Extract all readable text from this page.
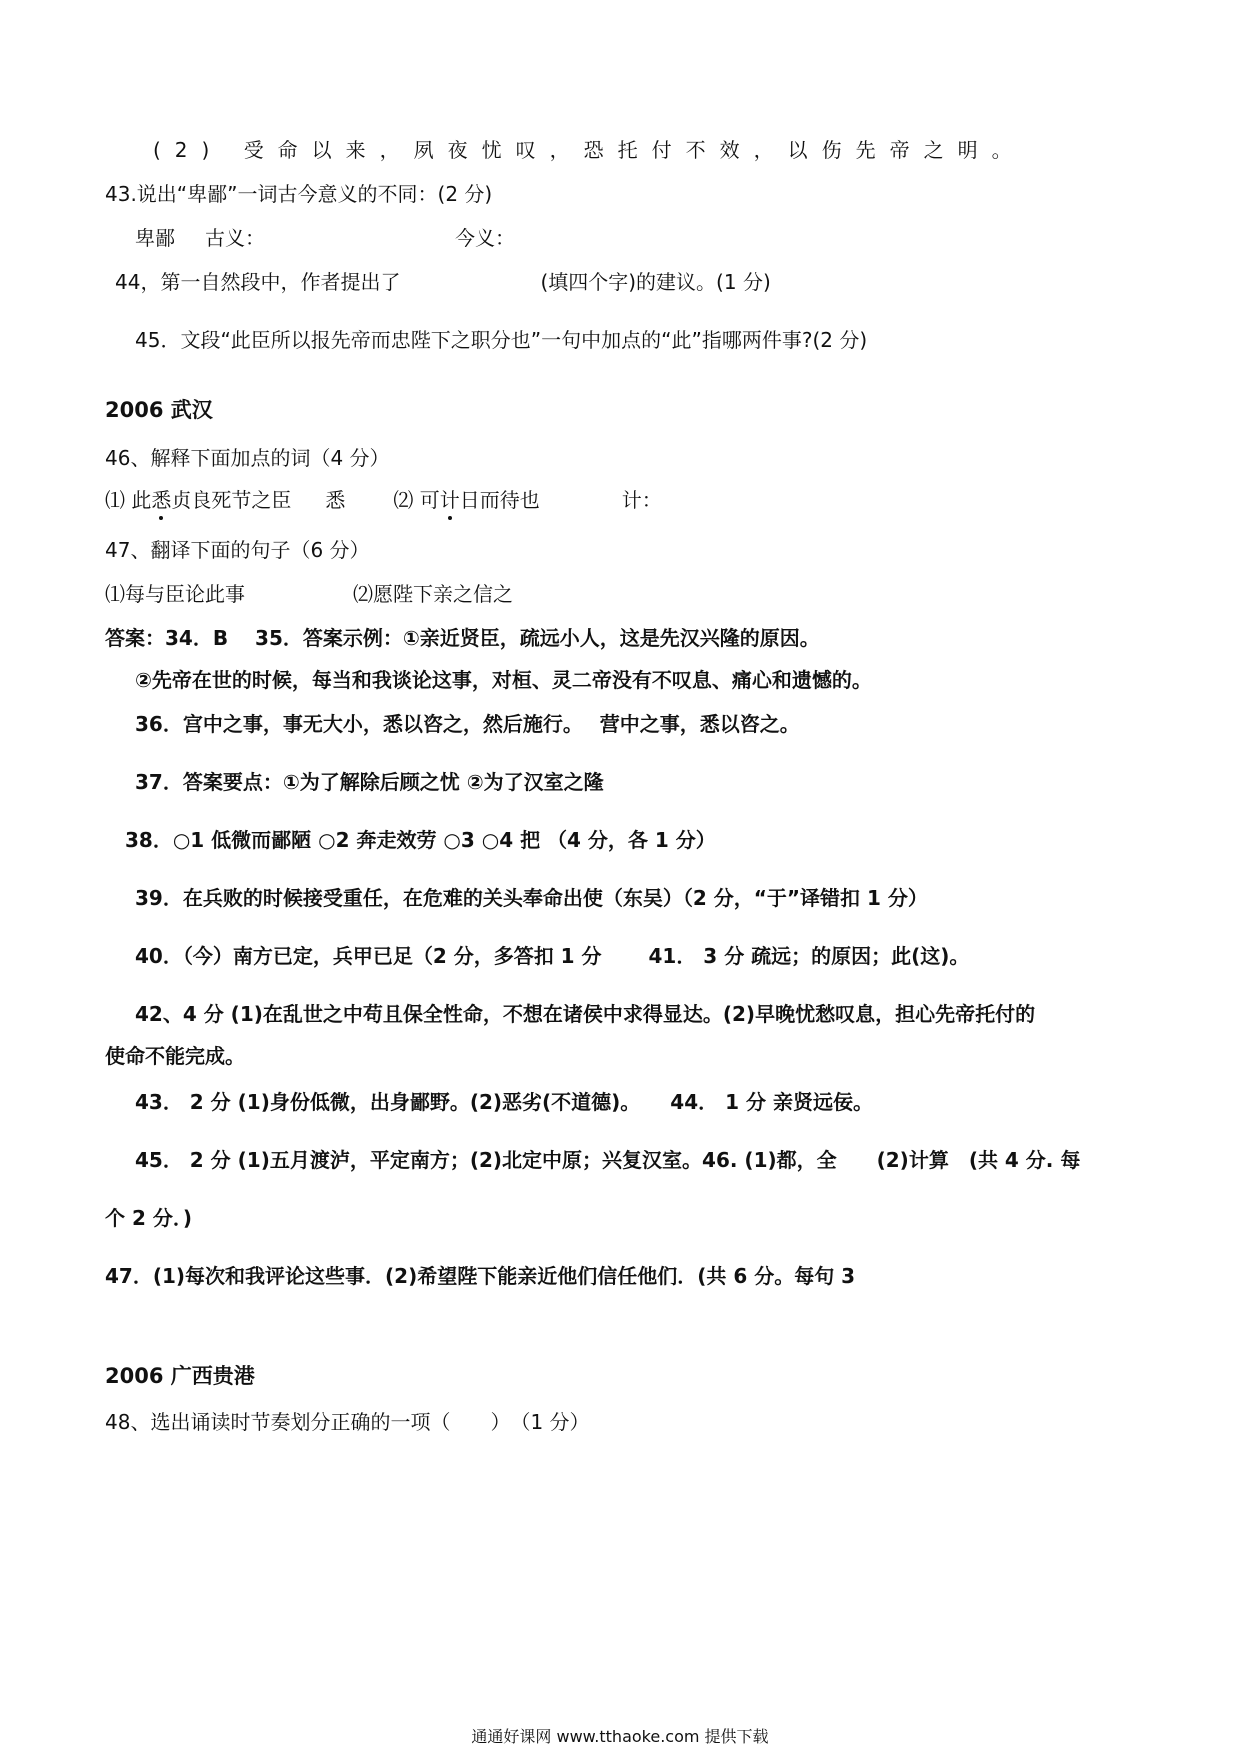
(2) 受命以来，夙夜忧叹，恐托付不效，以伤先帝之明。
43.说出“卑鄙”一词古今意义的不同：(2 分)
卑鄙 古义：	今义：
44，第一自然段中，作者提出了	(填四个字)的建议。(1 分)
45．文段“此臣所以报先帝而忠陛下之职分也”一句中加点的“此”指哪两件事?(2 分)
2006 武汉
46、解释下面加点的词（4 分）
⑴ 此悉贞良死节之臣 悉 ⑵ 可计日而待也	计：
47、翻译下面的句子（6 分）
⑴每与臣论此事	⑵愿陛下亲之信之
答案：34．B　 35．答案示例：①亲近贤臣，疏远小人，这是先汉兴隆的原因。
②先帝在世的时候，每当和我谈论这事，对桓、灵二帝没有不叹息、痛心和遗憾的。
36．宫中之事，事无大小，悉以咨之，然后施行。　 营中之事，悉以咨之。
37．答案要点：①为了解除后顾之忧 ②为了汉室之隆
38．○1 低微而鄙陋 ○2 奔走效劳 ○3 ○4 把 （4 分，各 1 分）
39．在兵败的时候接受重任，在危难的关头奉命出使（东吴）（2 分，“于”译错扣 1 分）
40．（今）南方已定，兵甲已足（2 分，多答扣 1 分　　 41． 3 分 疏远；的原因；此(这)。
42、4 分 (1)在乱世之中苟且保全性命，不想在诸侯中求得显达。(2)早晚忧愁叹息，担心先帝托付的
使命不能完成。
43． 2 分 (1)身份低微，出身鄙野。(2)恶劣(不道德)。　　44． 1 分 亲贤远佞。
45． 2 分 (1)五月渡泸，平定南方；(2)北定中原；兴复汉室。46. (1)都，全　　(2)计算　(共 4 分. 每
个 2 分．)
47．(1)每次和我评论这些事．(2)希望陛下能亲近他们信任他们．(共 6 分。每句 3
2006 广西贵港
48、选出诵读时节奏划分正确的一项（　　）　（1 分）
通通好课网 www.tthaoke.com 提供下载
